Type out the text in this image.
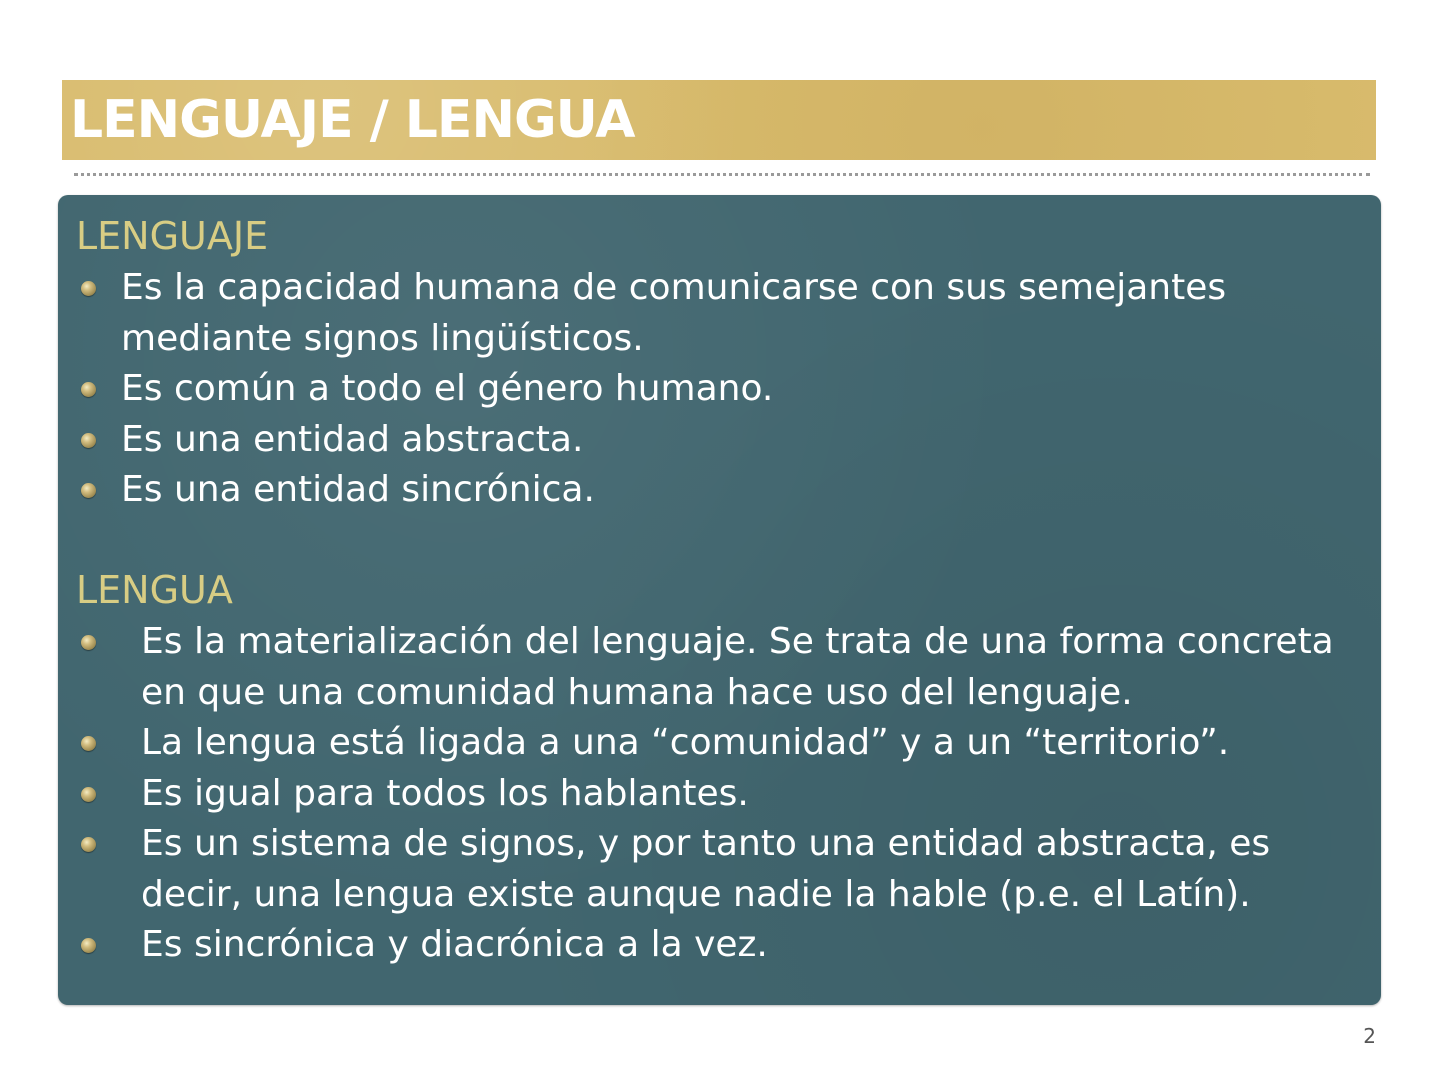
LENGUAJE / LENGUA
LENGUAJE
Es la capacidad humana de comunicarse con sus semejantes mediante signos lingüísticos.
Es común a todo el género humano.
Es una entidad abstracta.
Es una entidad sincrónica.
LENGUA
Es la materialización del lenguaje. Se trata de una forma concreta en que una comunidad humana hace uso del lenguaje.
La lengua está ligada a una “comunidad” y a un “territorio”.
Es igual para todos los hablantes.
Es un sistema de signos, y por tanto una entidad abstracta, es decir, una lengua existe aunque nadie la hable (p.e. el Latín).
Es sincrónica y diacrónica a la vez.
2
